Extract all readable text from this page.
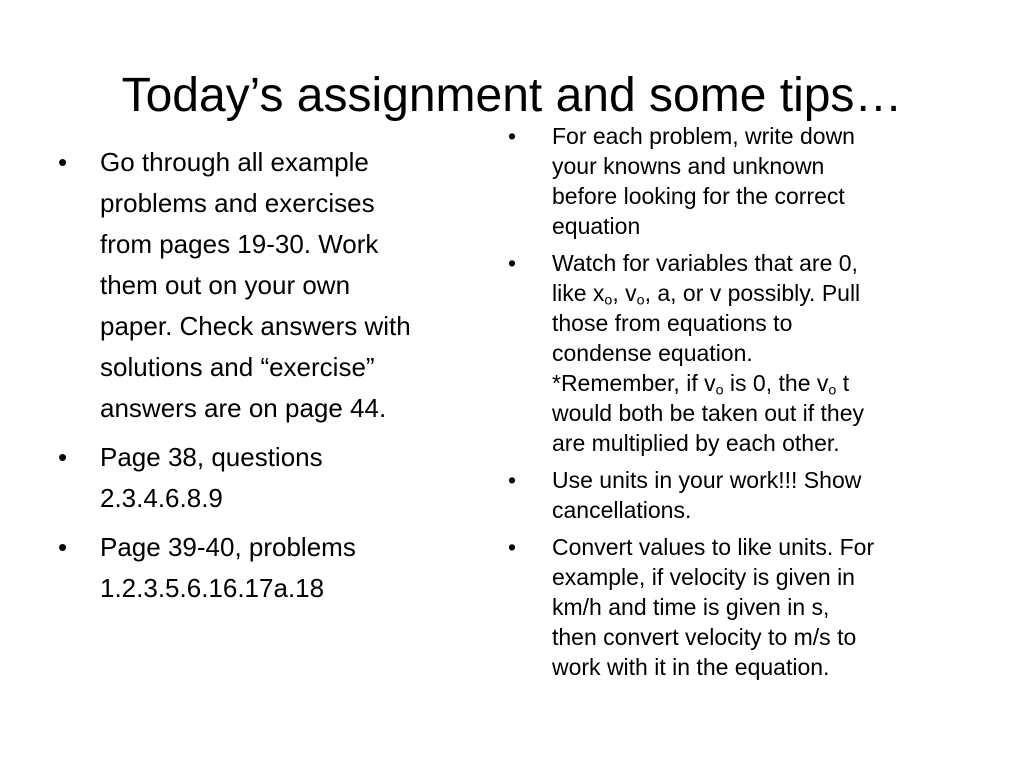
Today’s assignment and some tips…
• Go through all example
problems and exercises
from pages 19-30. Work
them out on your own
paper. Check answers with
solutions and “exercise”
answers are on page 44.
• Page 38, questions
2.3.4.6.8.9
• Page 39-40, problems
1.2.3.5.6.16.17a.18
• For each problem, write down
your knowns and unknown
before looking for the correct
equation
• Watch for variables that are 0,
like $x_o$, $v_o$, a, or v possibly. Pull
those from equations to
condense equation.
*Remember, if $v_o$ is 0, the $v_o$ t
would both be taken out if they
are multiplied by each other.
• Use units in your work!!! Show
cancellations.
• Convert values to like units. For
example, if velocity is given in
km/h and time is given in s,
then convert velocity to m/s to
work with it in the equation.
